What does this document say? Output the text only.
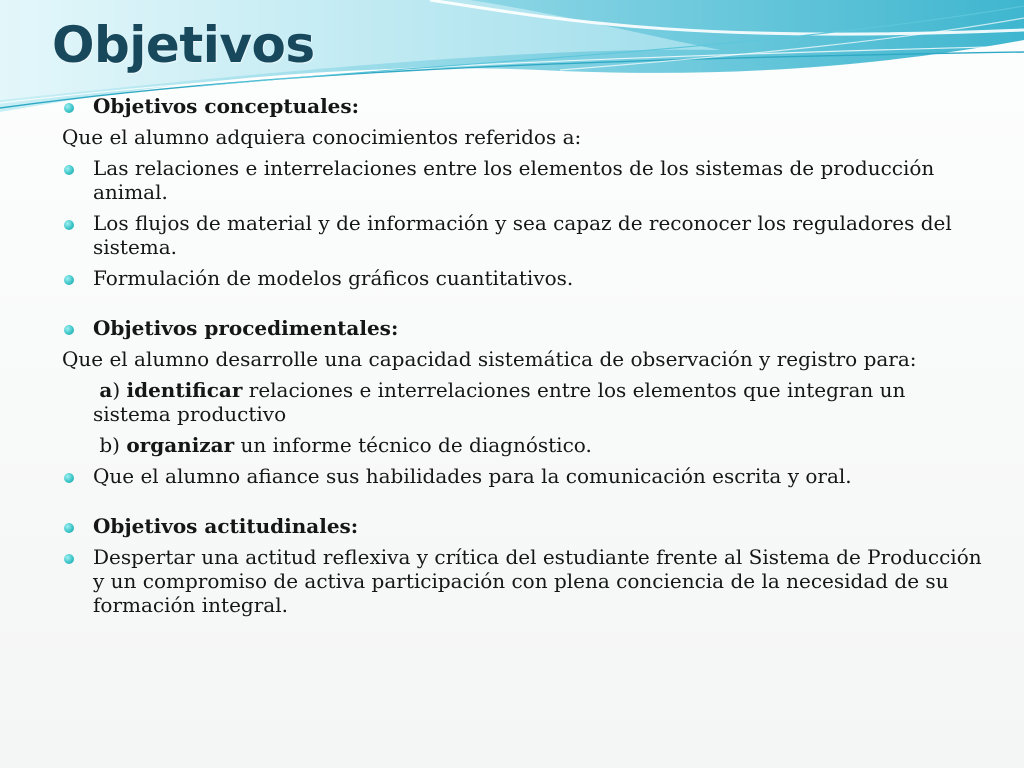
Objetivos
Objetivos conceptuales:
Que el alumno adquiera conocimientos referidos a:
Las relaciones e interrelaciones entre los elementos de los sistemas de producción animal.
Los flujos de material y de información y sea capaz de reconocer los reguladores del sistema.
Formulación de modelos gráficos cuantitativos.
Objetivos procedimentales:
Que el alumno desarrolle una capacidad sistemática de observación y registro para:
a) identificar relaciones e interrelaciones entre los elementos que integran un sistema productivo
b) organizar un informe técnico de diagnóstico.
Que el alumno afiance sus habilidades para la comunicación escrita y oral.
Objetivos actitudinales:
Despertar una actitud reflexiva y crítica del estudiante frente al Sistema de Producción y un compromiso de activa participación con plena conciencia de la necesidad de su formación integral.
